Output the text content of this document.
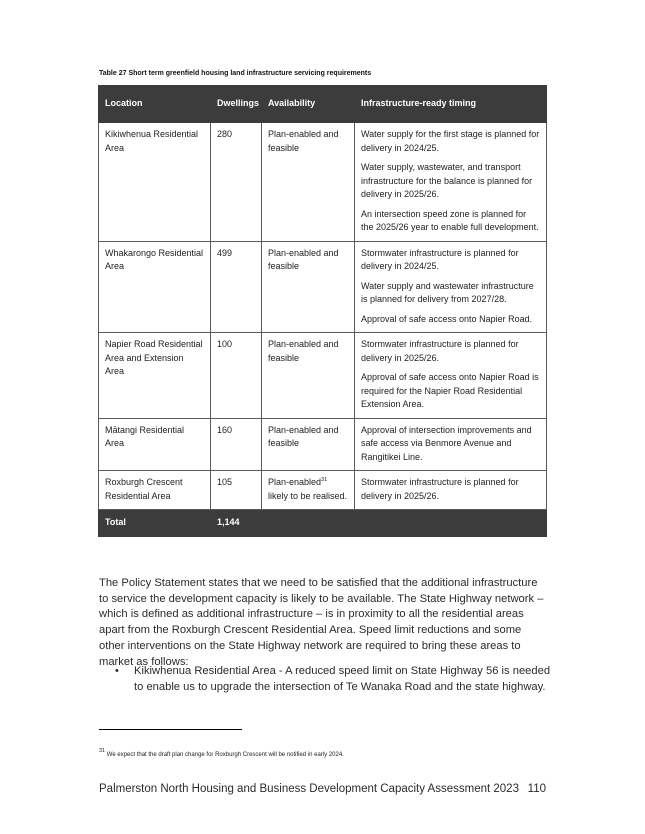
Table 27 Short term greenfield housing land infrastructure servicing requirements
Location	Dwellings	Availability	Infrastructure-ready timing
Kikiwhenua Residential Area	280	Plan-enabled and feasible	Water supply for the first stage is planned for delivery in 2024/25.

Water supply, wastewater, and transport infrastructure for the balance is planned for delivery in 2025/26.

An intersection speed zone is planned for the 2025/26 year to enable full development.

Whakarongo Residential Area	499	Plan-enabled and feasible	Stormwater infrastructure is planned for delivery in 2024/25.

Water supply and wastewater infrastructure is planned for delivery from 2027/28.

Approval of safe access onto Napier Road.

Napier Road Residential Area and Extension Area	100	Plan-enabled and feasible	Stormwater infrastructure is planned for delivery in 2025/26.

Approval of safe access onto Napier Road is required for the Napier Road Residential Extension Area.

Mātangi Residential Area	160	Plan-enabled and feasible	Approval of intersection improvements and safe access via Benmore Avenue and Rangitikei Line.

Roxburgh Crescent Residential Area	105	Plan-enabled$^{31}$ likely to be realised.	Stormwater infrastructure is planned for delivery in 2025/26.

Total	1,144		

The Policy Statement states that we need to be satisfied that the additional infrastructure to service the development capacity is likely to be available. The State Highway network – which is defined as additional infrastructure – is in proximity to all the residential areas apart from the Roxburgh Crescent Residential Area. Speed limit reductions and some other interventions on the State Highway network are required to bring these areas to market as follows:

• Kikiwhenua Residential Area - A reduced speed limit on State Highway 56 is needed to enable us to upgrade the intersection of Te Wanaka Road and the state highway.
$^{31}$ We expect that the draft plan change for Roxburgh Crescent will be notified in early 2024.
Palmerston North Housing and Business Development Capacity Assessment 2023 110
